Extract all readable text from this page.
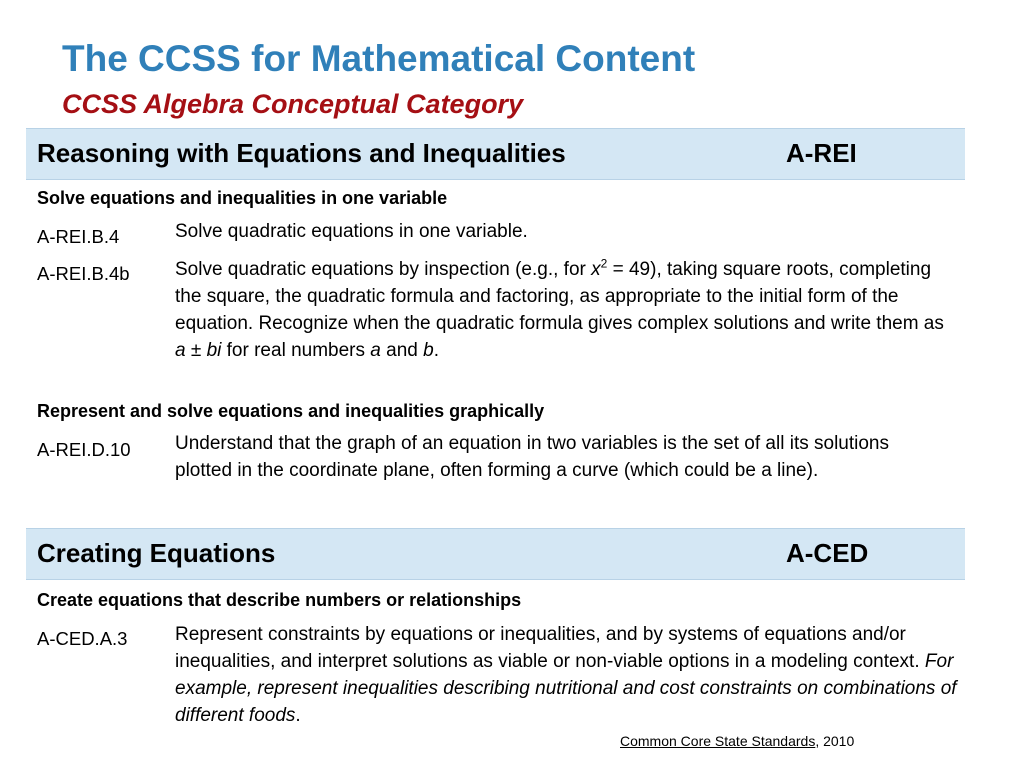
The CCSS for Mathematical Content
CCSS Algebra Conceptual Category
Reasoning with Equations and Inequalities	A-REI
Solve equations and inequalities in one variable
A-REI.B.4	Solve quadratic equations in one variable.
A-REI.B.4b Solve quadratic equations by inspection (e.g., for $x^2 = 49$), taking square roots, completing the square, the quadratic formula and factoring, as appropriate to the initial form of the equation. Recognize when the quadratic formula gives complex solutions and write them as a ± bi for real numbers a and b.
Represent and solve equations and inequalities graphically
A-REI.D.10 Understand that the graph of an equation in two variables is the set of all its solutions plotted in the coordinate plane, often forming a curve (which could be a line).
Creating Equations	A-CED
Create equations that describe numbers or relationships
A-CED.A.3	Represent constraints by equations or inequalities, and by systems of equations and/or inequalities, and interpret solutions as viable or non-viable options in a modeling context. For example, represent inequalities describing nutritional and cost constraints on combinations of different foods.
Common Core State Standards, 2010
